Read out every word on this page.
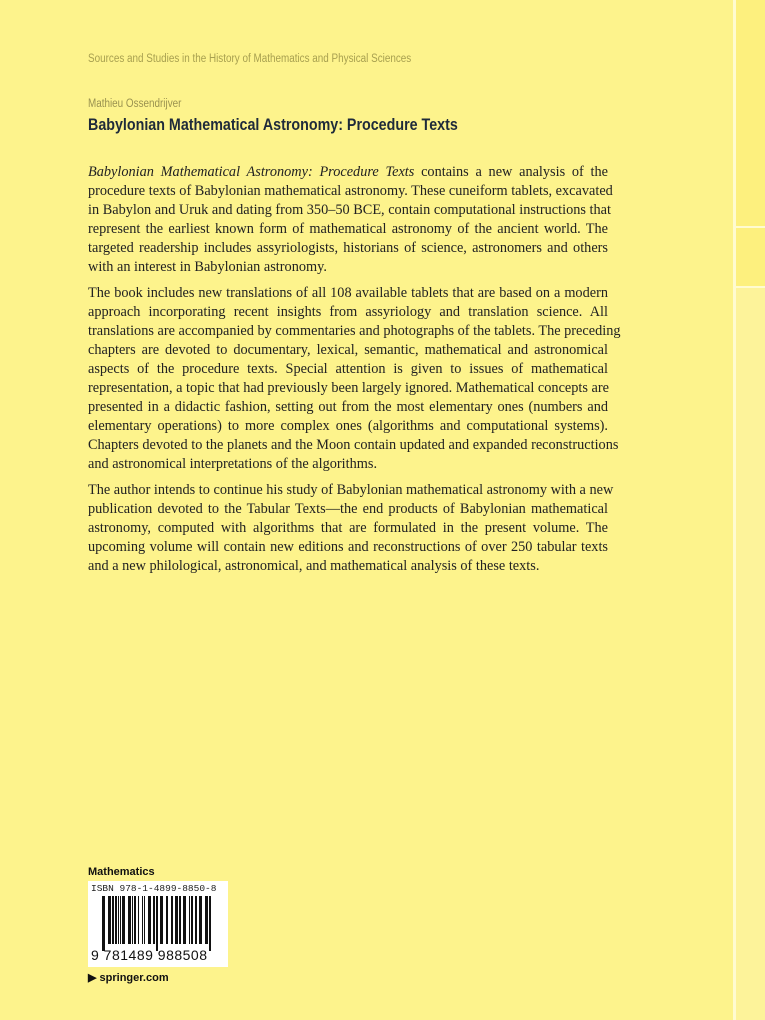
Sources and Studies in the History of Mathematics and Physical Sciences
Mathieu Ossendrijver
Babylonian Mathematical Astronomy: Procedure Texts
Babylonian Mathematical Astronomy: Procedure Texts contains a new analysis of the
procedure texts of Babylonian mathematical astronomy. These cuneiform tablets, excavated
in Babylon and Uruk and dating from 350–50 BCE, contain computational instructions that
represent the earliest known form of mathematical astronomy of the ancient world. The
targeted readership includes assyriologists, historians of science, astronomers and others
with an interest in Babylonian astronomy.
The book includes new translations of all 108 available tablets that are based on a modern
approach incorporating recent insights from assyriology and translation science. All
translations are accompanied by commentaries and photographs of the tablets. The preceding
chapters are devoted to documentary, lexical, semantic, mathematical and astronomical
aspects of the procedure texts. Special attention is given to issues of mathematical
representation, a topic that had previously been largely ignored. Mathematical concepts are
presented in a didactic fashion, setting out from the most elementary ones (numbers and
elementary operations) to more complex ones (algorithms and computational systems).
Chapters devoted to the planets and the Moon contain updated and expanded reconstructions
and astronomical interpretations of the algorithms.
The author intends to continue his study of Babylonian mathematical astronomy with a new
publication devoted to the Tabular Texts—the end products of Babylonian mathematical
astronomy, computed with algorithms that are formulated in the present volume. The
upcoming volume will contain new editions and reconstructions of over 250 tabular texts
and a new philological, astronomical, and mathematical analysis of these texts.
Mathematics
ISBN 978-1-4899-8850-8
9 781489 988508
▶ springer.com
